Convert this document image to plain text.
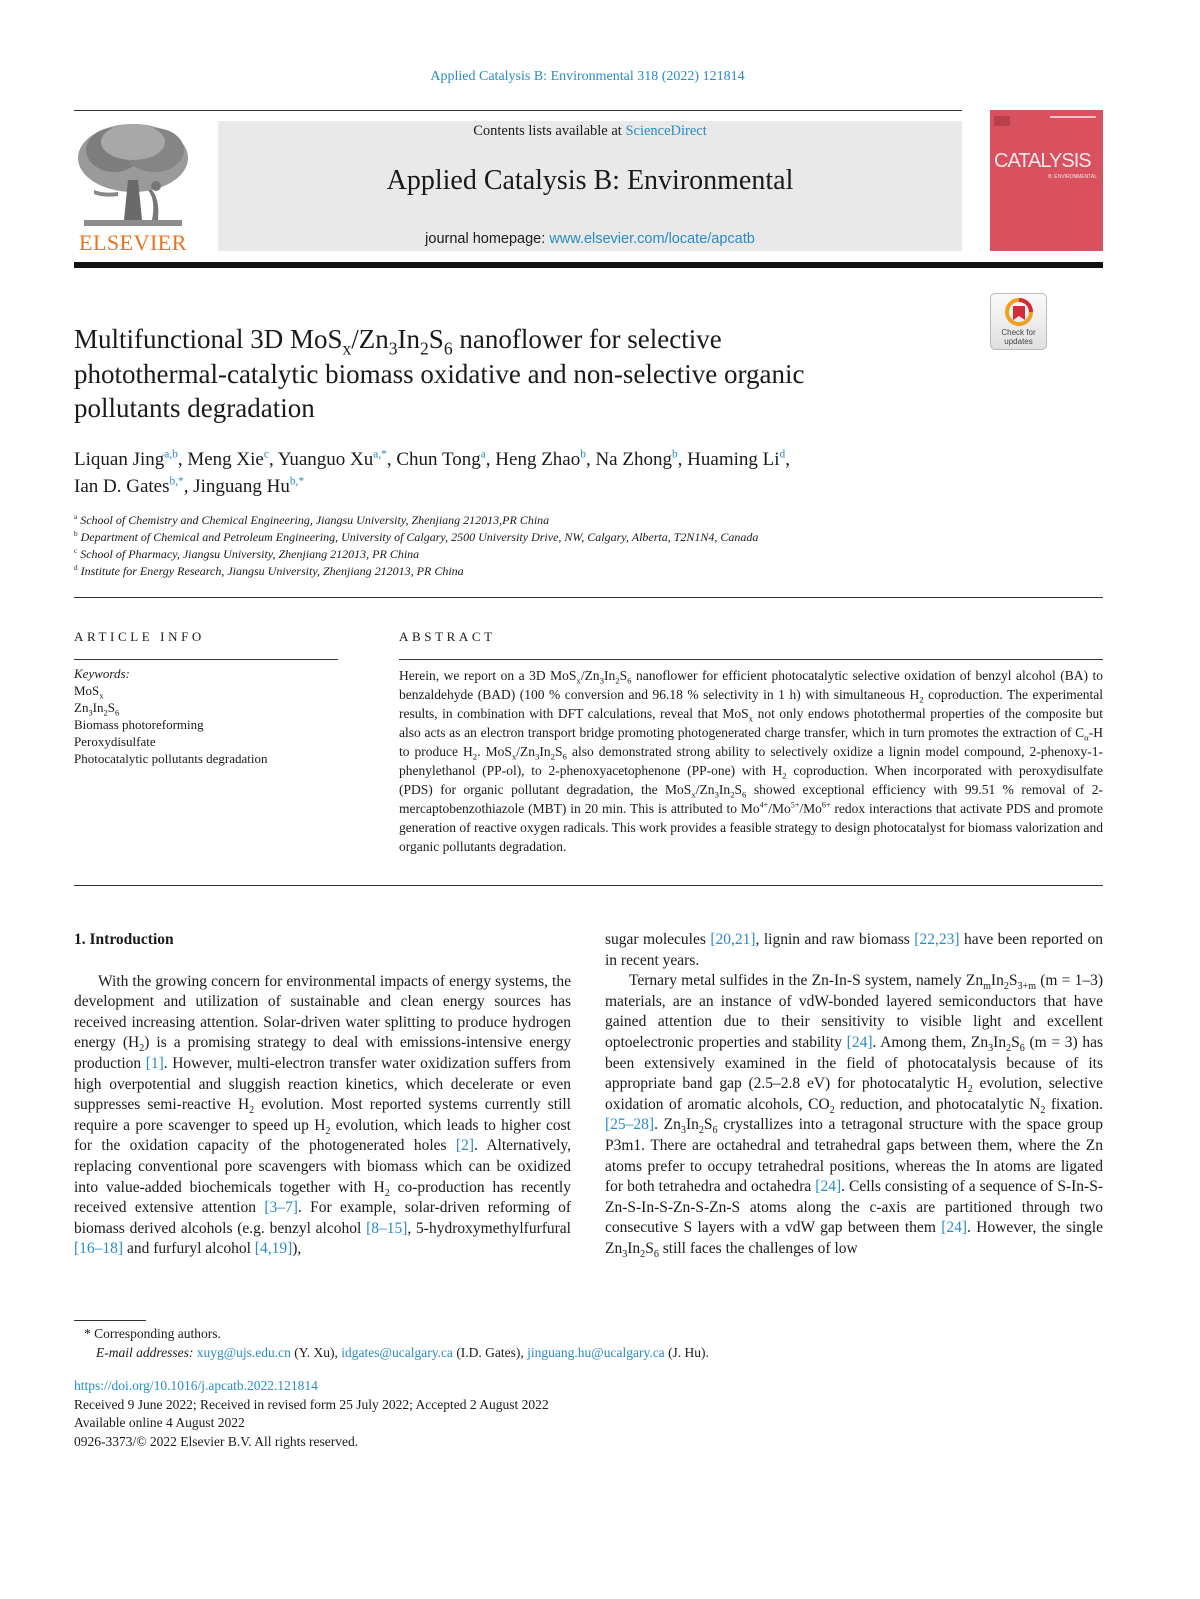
Applied Catalysis B: Environmental 318 (2022) 121814
ELSEVIER
Contents lists available at ScienceDirect
Applied Catalysis B: Environmental
journal homepage: www.elsevier.com/locate/apcatb
CATALYSIS
B: ENVIRONMENTAL
Check for
updates
Multifunctional 3D $MoS_x/Zn_3In_2S_6$ nanoflower for selective
photothermal-catalytic biomass oxidative and non-selective organic
pollutants degradation
Liquan Jing$^{a,b}$, Meng Xie$^c$, Yuanguo Xu$^{a,*}$, Chun Tong$^a$, Heng Zhao$^b$, Na Zhong$^b$, Huaming Li$^d$,
Ian D. Gates$^{b,*}$, Jinguang Hu$^{b,*}$
$^a$ School of Chemistry and Chemical Engineering, Jiangsu University, Zhenjiang 212013,PR China
$^b$ Department of Chemical and Petroleum Engineering, University of Calgary, 2500 University Drive, NW, Calgary, Alberta, T2N1N4, Canada
$^c$ School of Pharmacy, Jiangsu University, Zhenjiang 212013, PR China
$^d$ Institute for Energy Research, Jiangsu University, Zhenjiang 212013, PR China
ARTICLE INFO	ABSTRACT
Keywords:
MoS$_x$
$Zn_3In_2S_6$
Biomass photoreforming
Peroxydisulfate
Photocatalytic pollutants degradation
Herein, we report on a 3D $MoS_x/Zn_3In_2S_6$ nanoflower for efficient photocatalytic selective oxidation of benzyl alcohol (BA) to benzaldehyde (BAD) (100 % conversion and 96.18 % selectivity in 1 h) with simultaneous $H_2$ coproduction. The experimental results, in combination with DFT calculations, reveal that MoS$_x$ not only endows photothermal properties of the composite but also acts as an electron transport bridge promoting photogenerated charge transfer, which in turn promotes the extraction of $C_\alpha-H$ to produce $H_2$. $MoS_x/Zn_3In_2S_6$ also demonstrated strong ability to selectively oxidize a lignin model compound, 2-phenoxy-1-phenylethanol (PP-ol), to 2-phenoxyacetophenone (PP-one) with $H_2$ coproduction. When incorporated with peroxydisulfate (PDS) for organic pollutant degradation, the $MoS_x/Zn_3In_2S_6$ showed exceptional efficiency with 99.51 % removal of 2-mercaptobenzothiazole (MBT) in 20 min. This is attributed to $Mo^{4+}/Mo^{5+}/Mo^{6+}$ redox interactions that activate PDS and promote generation of reactive oxygen radicals. This work provides a feasible strategy to design photocatalyst for biomass valorization and organic pollutants degradation.
1. Introduction

With the growing concern for environmental impacts of energy systems, the development and utilization of sustainable and clean energy sources has received increasing attention. Solar-driven water splitting to produce hydrogen energy $(H_2)$ is a promising strategy to deal with emissions-intensive energy production [1]. However, multi-electron transfer water oxidization suffers from high overpotential and sluggish reaction kinetics, which decelerate or even suppresses semi-reactive $H_2$ evolution. Most reported systems currently still require a pore scavenger to speed up $H_2$ evolution, which leads to higher cost for the oxidation capacity of the photogenerated holes [2]. Alternatively, replacing conventional pore scavengers with biomass which can be oxidized into value-added biochemicals together with $H_2$ co-production has recently received extensive attention [3–7]. For example, solar-driven reforming of biomass derived alcohols (e.g. benzyl alcohol [8–15], 5-hydroxymethylfurfural [16–18] and furfuryl alcohol [4,19]),

sugar molecules [20,21], lignin and raw biomass [22,23] have been reported on in recent years.

Ternary metal sulfides in the Zn-In-S system, namely $Zn_mIn_2S_{3+m}$ (m = 1–3) materials, are an instance of vdW-bonded layered semiconductors that have gained attention due to their sensitivity to visible light and excellent optoelectronic properties and stability [24]. Among them, $Zn_3In_2S_6$ (m = 3) has been extensively examined in the field of photocatalysis because of its appropriate band gap (2.5–2.8 eV) for photocatalytic $H_2$ evolution, selective oxidation of aromatic alcohols, $CO_2$ reduction, and photocatalytic $N_2$ fixation. [25–28]. $Zn_3In_2S_6$ crystallizes into a tetragonal structure with the space group P3m1. There are octahedral and tetrahedral gaps between them, where the Zn atoms prefer to occupy tetrahedral positions, whereas the In atoms are ligated for both tetrahedra and octahedra [24]. Cells consisting of a sequence of S-In-S-Zn-S-In-S-Zn-S-Zn-S atoms along the c-axis are partitioned through two consecutive S layers with a vdW gap between them [24]. However, the single $Zn_3In_2S_6$ still faces the challenges of low

* Corresponding authors.
E-mail addresses: xuyg@ujs.edu.cn (Y. Xu), idgates@ucalgary.ca (I.D. Gates), jinguang.hu@ucalgary.ca (J. Hu).
https://doi.org/10.1016/j.apcatb.2022.121814
Received 9 June 2022; Received in revised form 25 July 2022; Accepted 2 August 2022
Available online 4 August 2022
0926-3373/© 2022 Elsevier B.V. All rights reserved.
